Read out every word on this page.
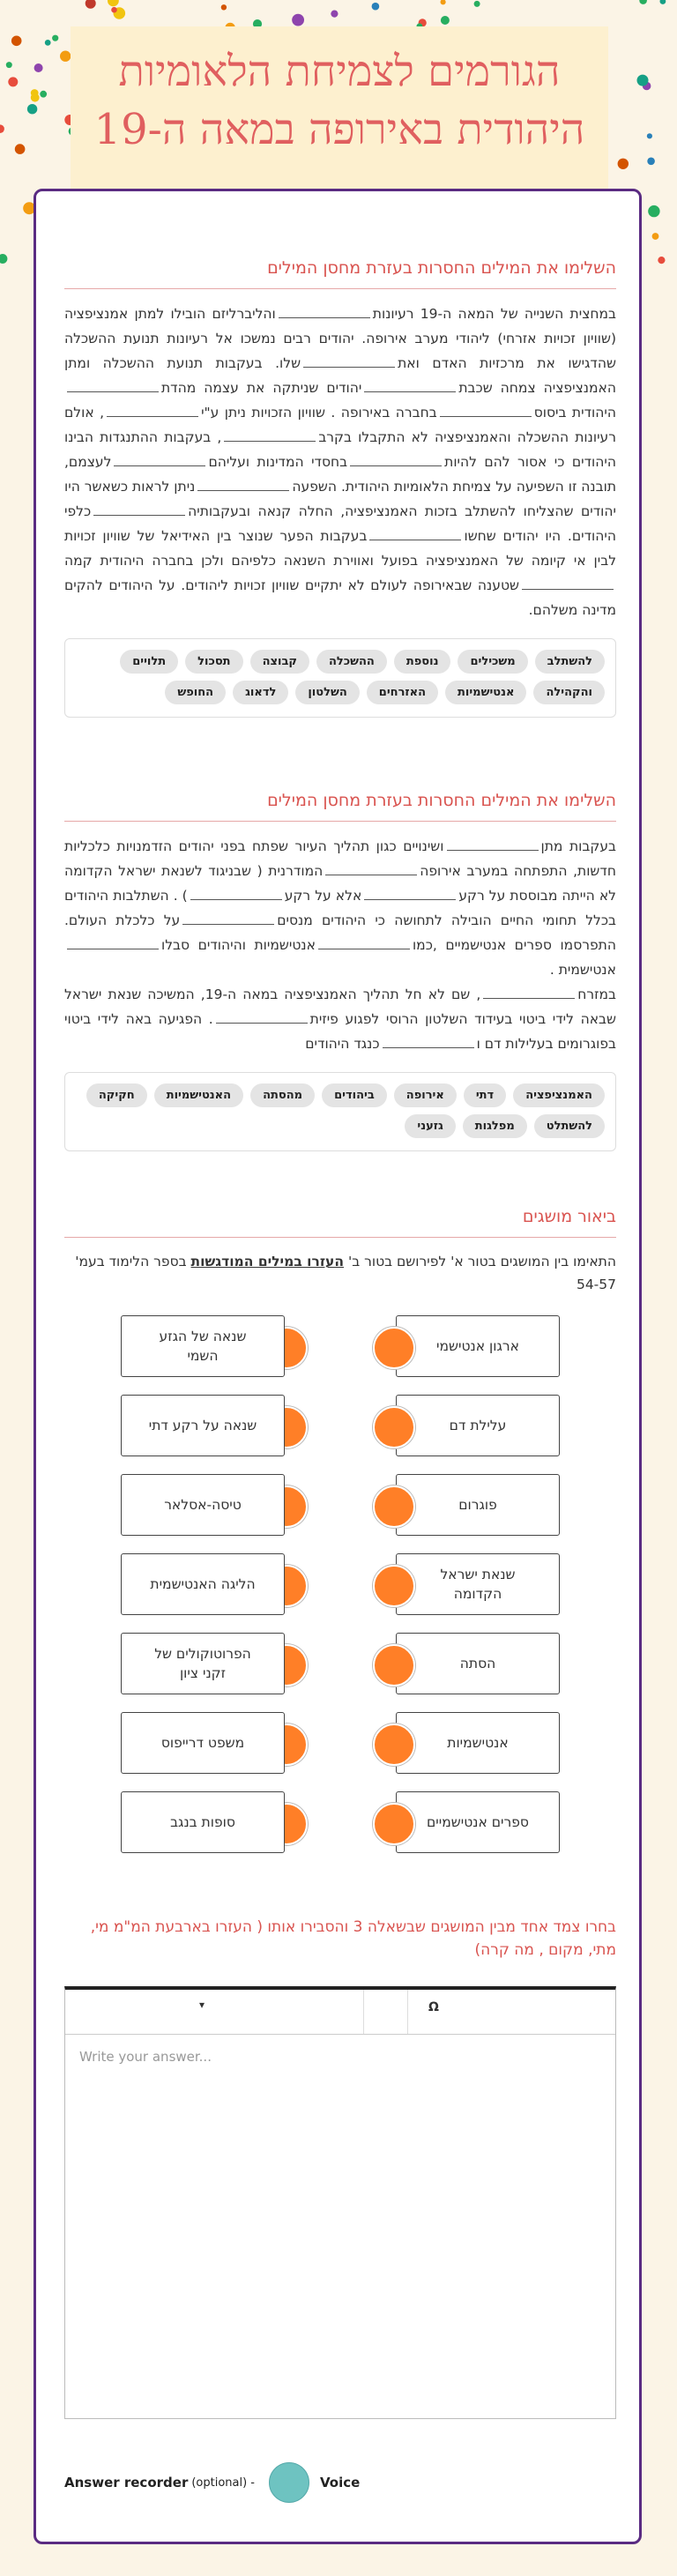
הגורמים לצמיחת הלאומיות היהודית באירופה במאה ה-19
השלימו את המילים החסרות בעזרת מחסן המילים
במחצית השנייה של המאה ה-19 רעיונותוהליברליזם הובילו למתן אמנציפציה (שוויון זכויות אזרחי) ליהודי מערב אירופה. יהודים רבים נמשכו אל רעיונות תנועת ההשכלה שהדגישו את מרכזיות האדם ואתשלו. בעקבות תנועת ההשכלה ומתן האמנציפציה צמחה שכבתיהודים שניתקה את עצמה מהדתהיהודית ביסוסבחברה באירופה . שוויון הזכויות ניתן ע"י, אולם רעיונות ההשכלה והאמנציפציה לא התקבלו בקרב, בעקבות ההתנגדות הבינו היהודים כי אסור להם להיותבחסדי המדינות ועליהםלעצמם, תובנה זו השפיעה על צמיחת הלאומיות היהודית. השפעהניתן לראות כשאשר היו יהודים שהצליחו להשתלב בזכות האמנציפציה, החלה קנאה ובעקבותיהכלפי היהודים. היו יהודים שחשובעקבות הפער שנוצר בין האידיאל של שוויון זכויות לבין אי קיומה של האמנציפציה בפועל ואווירת השנאה כלפיהם ולכן בחברה היהודית קמהשטענה שבאירופה לעולם לא יתקיים שוויון זכויות ליהודים. על היהודים להקים מדינה משלהם.
להשתלבמשכיליםנוספתההשכלהקבוצהתסכולתלוייםוהקהילהאנטישמיותהאזרחיםהשלטוןלדאוגהחופש
השלימו את המילים החסרות בעזרת מחסן המילים
בעקבות מתןושינויים כגון תהליך העיור שפתח בפני יהודים הזדמנויות כלכליות חדשות, התפתחה במערב אירופההמודרנית ( שבניגוד לשנאת ישראל הקדומה לא הייתה מבוססת על רקעאלא על רקע) . השתלבות היהודים בכלל תחומי החיים הובילה לתחושה כי היהודים מנסיםעל כלכלת העולם. התפרסמו ספרים אנטישמיים ,כמואנטישמיות והיהודים סבלואנטישמית .
במזרח, שם לא חל תהליך האמנציפציה במאה ה-19, המשיכה שנאת ישראל שבאה לידי ביטוי בעידוד השלטון הרוסי לפגוע פיזית. הפגיעה באה לידי ביטוי בפוגרומים בעלילות דם וכנגד היהודים
האמנציפציהדתיאירופהביהודיםמהסתההאנטישמיותחקיקהלהשתלטמפלגותגזעני
ביאור מושגים
התאימו בין המושגים בטור א' לפירושם בטור ב' העזרו במילים המודגשות בספר הלימוד בעמ' 54-57
ארגון אנטישמי
שנאה של הגזע השמי
עלילת דם
שנאה על רקע דתי
פוגרום
טיסה-אסלאר
שנאת ישראל הקדומה
הליגה האנטישמית
הסתה
הפרוטוקולים של זקני ציון
אנטישמיות
משפט דרייפוס
ספרים אנטישמיים
סופות בנגב
בחרו צמד אחד מבין המושגים שבשאלה 3 והסבירו אותו ( העזרו בארבעת המ"מ מי, מתי, מקום , מה קרה)
▾	Ω
Write your answer...
Answer recorder (optional) -	Voice
